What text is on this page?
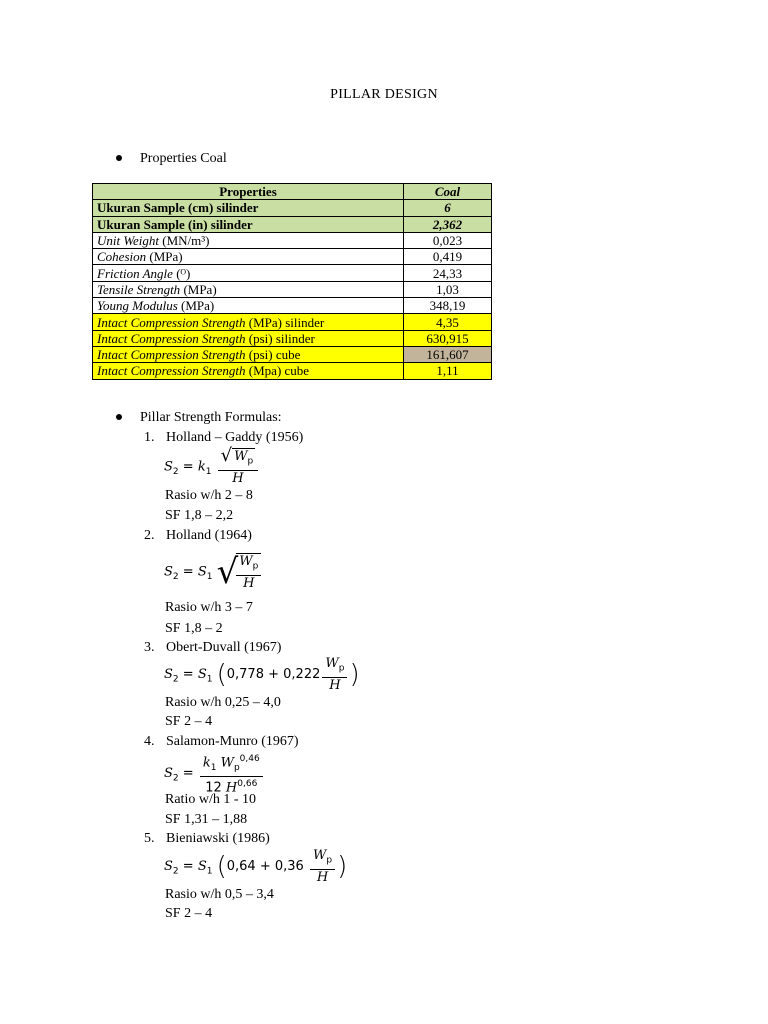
PILLAR DESIGN
Properties Coal
Properties	Coal
Ukuran Sample (cm) silinder	6
Ukuran Sample (in) silinder	2,362
Unit Weight (MN/m³)	0,023
Cohesion (MPa)	0,419
Friction Angle (ᴼ)	24,33
Tensile Strength (MPa)	1,03
Young Modulus (MPa)	348,19
Intact Compression Strength (MPa) silinder	4,35
Intact Compression Strength (psi) silinder	630,915
Intact Compression Strength (psi) cube	161,607
Intact Compression Strength (Mpa) cube	1,11
Pillar Strength Formulas:
1. Holland – Gaddy (1956)
$S_2 = k_1 \frac{√ W_p}{H}$
Rasio w/h 2 – 8
SF 1,8 – 2,2
2. Holland (1964)
$S_2 = S_1$ √
$\frac{W_p}{H}$
Rasio w/h 3 – 7
SF 1,8 – 2
3. Obert-Duvall (1967)
$S_2 = S_1$ ($0,778 + 0,222 \frac{W_p}{H}$ )
Rasio w/h 0,25 – 4,0
SF 2 – 4
4. Salamon-Munro (1967)
$S_2 = \frac{k_1 W_p^{0,46}}{12 H^{0,66}}$
Ratio w/h 1 - 10
SF 1,31 – 1,88
5. Bieniawski (1986)
$S_2 = S_1$ ($0,64 + 0,36 \frac{W_p}{H}$ )
Rasio w/h 0,5 – 3,4
SF 2 – 4
